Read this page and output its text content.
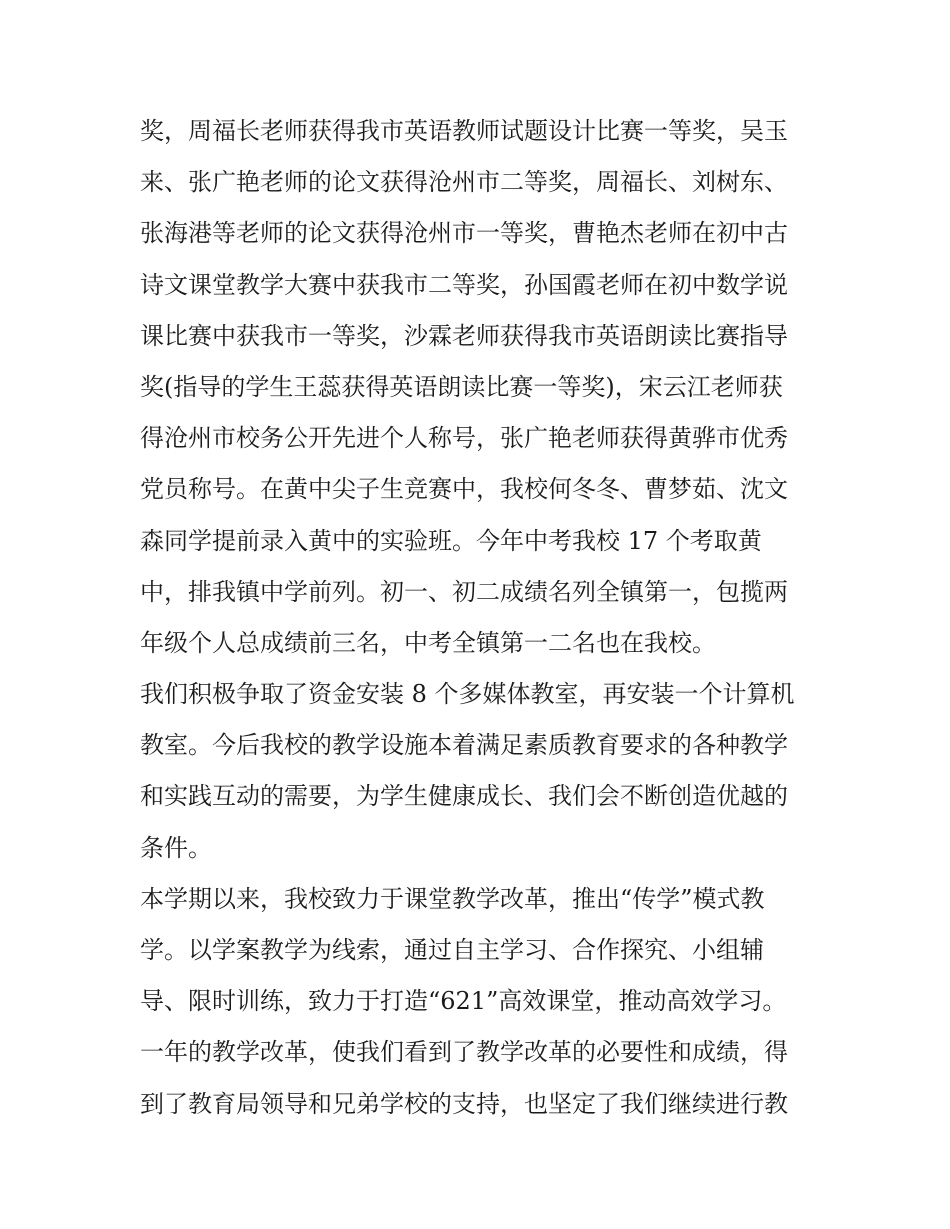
奖，周福长老师获得我市英语教师试题设计比赛一等奖，吴玉
来、张广艳老师的论文获得沧州市二等奖，周福长、刘树东、
张海港等老师的论文获得沧州市一等奖，曹艳杰老师在初中古
诗文课堂教学大赛中获我市二等奖，孙国霞老师在初中数学说
课比赛中获我市一等奖，沙霖老师获得我市英语朗读比赛指导
奖(指导的学生王蕊获得英语朗读比赛一等奖)，宋云江老师获
得沧州市校务公开先进个人称号，张广艳老师获得黄骅市优秀
党员称号。在黄中尖子生竞赛中，我校何冬冬、曹梦茹、沈文
森同学提前录入黄中的实验班。今年中考我校 17 个考取黄
中，排我镇中学前列。初一、初二成绩名列全镇第一，包揽两
年级个人总成绩前三名，中考全镇第一二名也在我校。
我们积极争取了资金安装 8 个多媒体教室，再安装一个计算机
教室。今后我校的教学设施本着满足素质教育要求的各种教学
和实践互动的需要，为学生健康成长、我们会不断创造优越的
条件。
本学期以来，我校致力于课堂教学改革，推出“传学”模式教
学。以学案教学为线索，通过自主学习、合作探究、小组辅
导、限时训练，致力于打造“621”高效课堂，推动高效学习。
一年的教学改革，使我们看到了教学改革的必要性和成绩，得
到了教育局领导和兄弟学校的支持，也坚定了我们继续进行教
